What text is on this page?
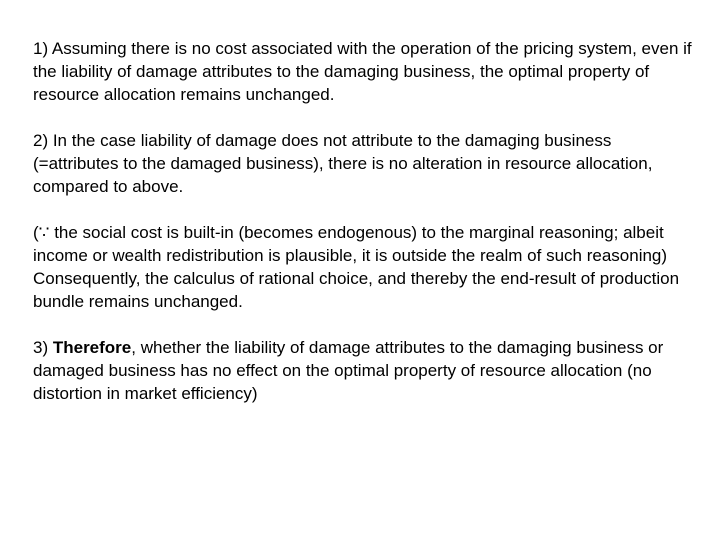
1) Assuming there is no cost associated with the operation of the pricing system, even if the liability of damage attributes to the damaging business, the optimal property of resource allocation remains unchanged.

2) In the case liability of damage does not attribute to the damaging business (=attributes to the damaged business), there is no alteration in resource allocation, compared to above.

(∵ the social cost is built-in (becomes endogenous) to the marginal reasoning; albeit income or wealth redistribution is plausible, it is outside the realm of such reasoning)

Consequently, the calculus of rational choice, and thereby the end-result of production bundle remains unchanged.

3) Therefore, whether the liability of damage attributes to the damaging business or damaged business has no effect on the optimal property of resource allocation (no distortion in market efficiency)
